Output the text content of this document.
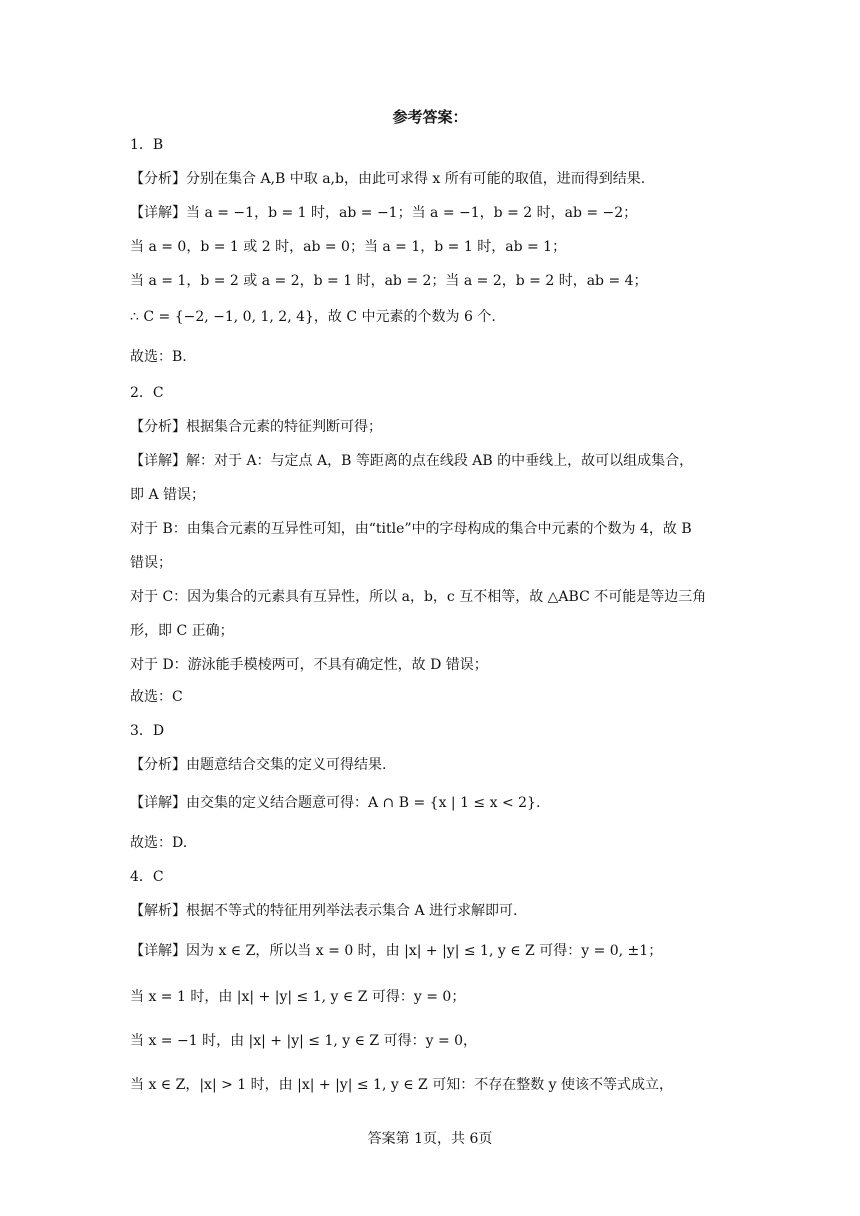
参考答案：
1．B
【分析】分别在集合 A,B 中取 a,b，由此可求得 x 所有可能的取值，进而得到结果.
【详解】当 a = −1，b = 1 时，ab = −1；当 a = −1，b = 2 时，ab = −2；
当 a = 0，b = 1 或 2 时，ab = 0；当 a = 1，b = 1 时，ab = 1；
当 a = 1，b = 2 或 a = 2，b = 1 时，ab = 2；当 a = 2，b = 2 时，ab = 4；
∴ C = {−2, −1, 0, 1, 2, 4}，故 C 中元素的个数为 6 个.
故选：B.
2．C
【分析】根据集合元素的特征判断可得；
【详解】解：对于 A：与定点 A，B 等距离的点在线段 AB 的中垂线上，故可以组成集合，
即 A 错误；
对于 B：由集合元素的互异性可知，由“title”中的字母构成的集合中元素的个数为 4，故 B
错误；
对于 C：因为集合的元素具有互异性，所以 a，b，c 互不相等，故 △ABC 不可能是等边三角
形，即 C 正确；
对于 D：游泳能手模棱两可，不具有确定性，故 D 错误；
故选：C
3．D
【分析】由题意结合交集的定义可得结果.
【详解】由交集的定义结合题意可得：A ∩ B = {x | 1 ≤ x < 2}.
故选：D.
4．C
【解析】根据不等式的特征用列举法表示集合 A 进行求解即可.
【详解】因为 x ∈ Z，所以当 x = 0 时，由 |x| + |y| ≤ 1, y ∈ Z 可得：y = 0, ±1；
当 x = 1 时，由 |x| + |y| ≤ 1, y ∈ Z 可得：y = 0；
当 x = −1 时，由 |x| + |y| ≤ 1, y ∈ Z 可得：y = 0，
当 x ∈ Z，|x| > 1 时，由 |x| + |y| ≤ 1, y ∈ Z 可知：不存在整数 y 使该不等式成立，
答案第 1页，共 6页
